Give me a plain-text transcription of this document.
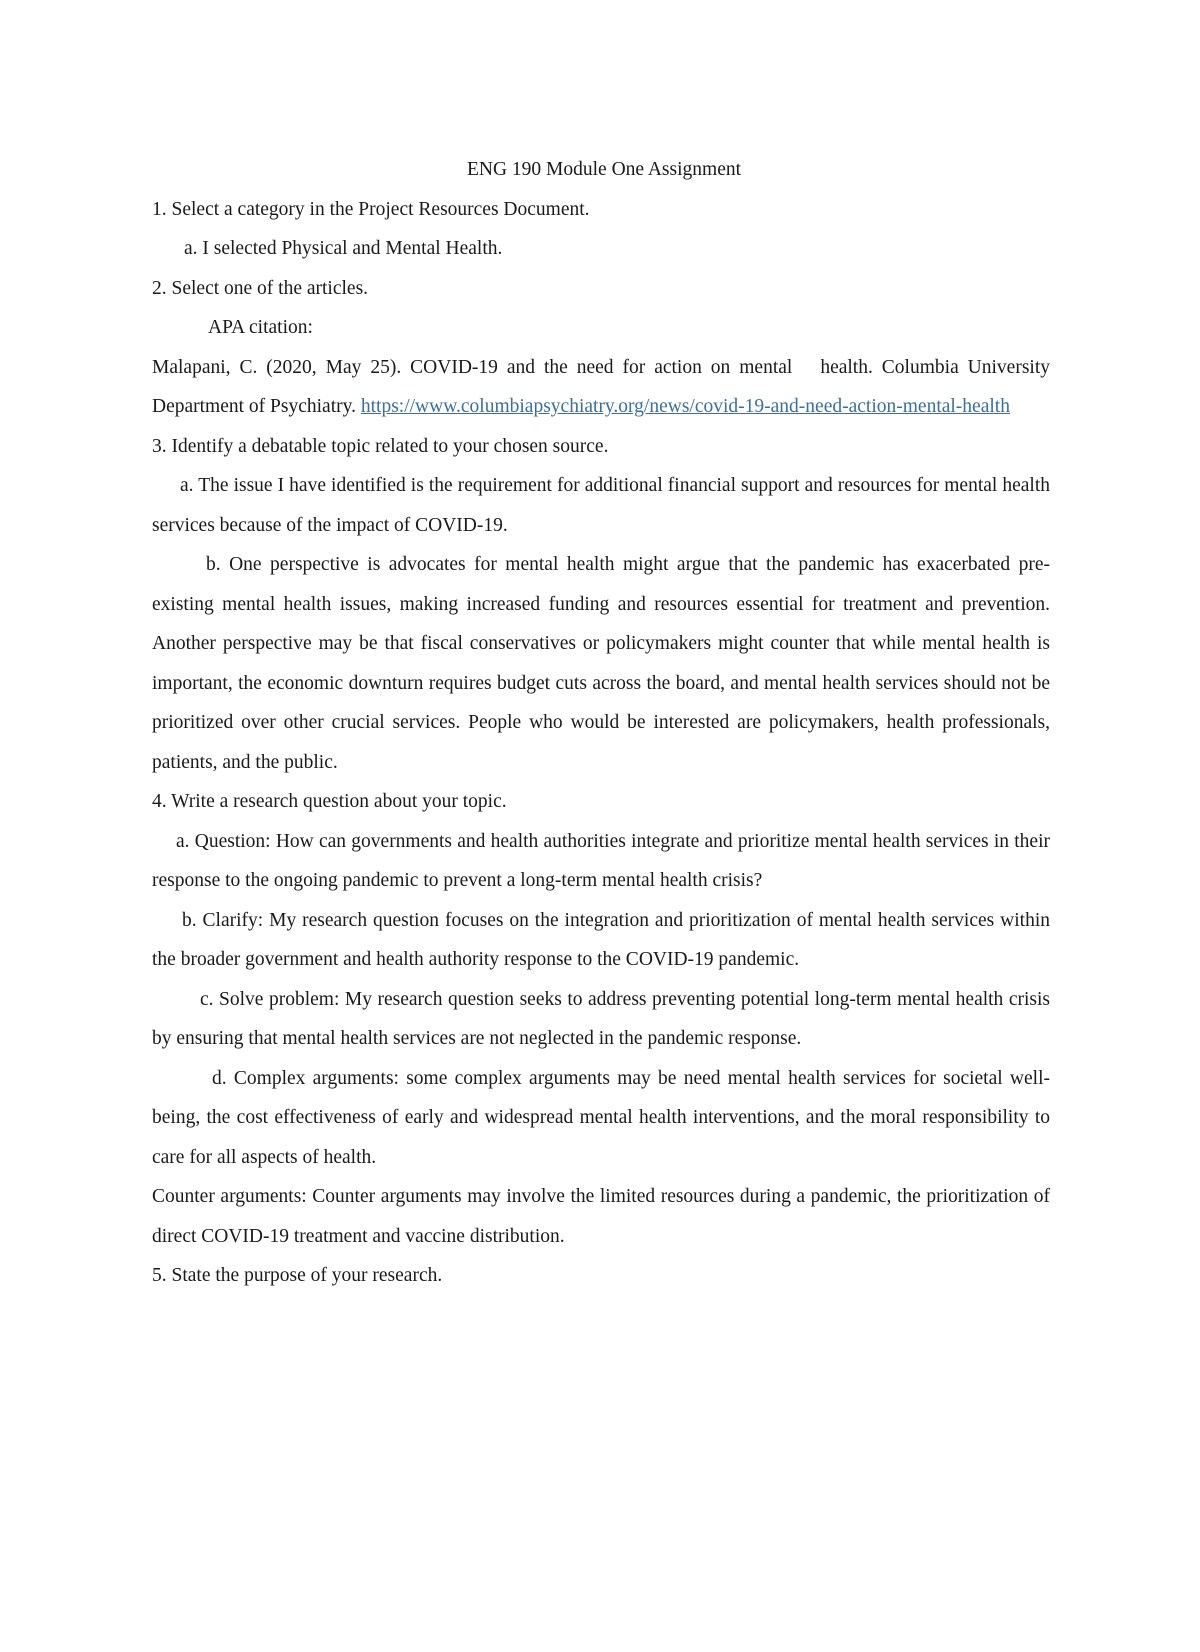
ENG 190 Module One Assignment

1. Select a category in the Project Resources Document.

a. I selected Physical and Mental Health.

2. Select one of the articles.

APA citation:

Malapani, C. (2020, May 25). COVID-19 and the need for action on mental health. Columbia University Department of Psychiatry. https://www.columbiapsychiatry.org/news/covid-19-and-need-action-mental-health

3. Identify a debatable topic related to your chosen source.

a. The issue I have identified is the requirement for additional financial support and resources for mental health services because of the impact of COVID-19.

b. One perspective is advocates for mental health might argue that the pandemic has exacerbated pre-existing mental health issues, making increased funding and resources essential for treatment and prevention. Another perspective may be that fiscal conservatives or policymakers might counter that while mental health is important, the economic downturn requires budget cuts across the board, and mental health services should not be prioritized over other crucial services. People who would be interested are policymakers, health professionals, patients, and the public.

4. Write a research question about your topic.

a. Question: How can governments and health authorities integrate and prioritize mental health services in their response to the ongoing pandemic to prevent a long-term mental health crisis?

b. Clarify: My research question focuses on the integration and prioritization of mental health services within the broader government and health authority response to the COVID-19 pandemic.

c. Solve problem: My research question seeks to address preventing potential long-term mental health crisis by ensuring that mental health services are not neglected in the pandemic response.

d. Complex arguments: some complex arguments may be need mental health services for societal well-being, the cost effectiveness of early and widespread mental health interventions, and the moral responsibility to care for all aspects of health.

Counter arguments: Counter arguments may involve the limited resources during a pandemic, the prioritization of direct COVID-19 treatment and vaccine distribution.

5. State the purpose of your research.
